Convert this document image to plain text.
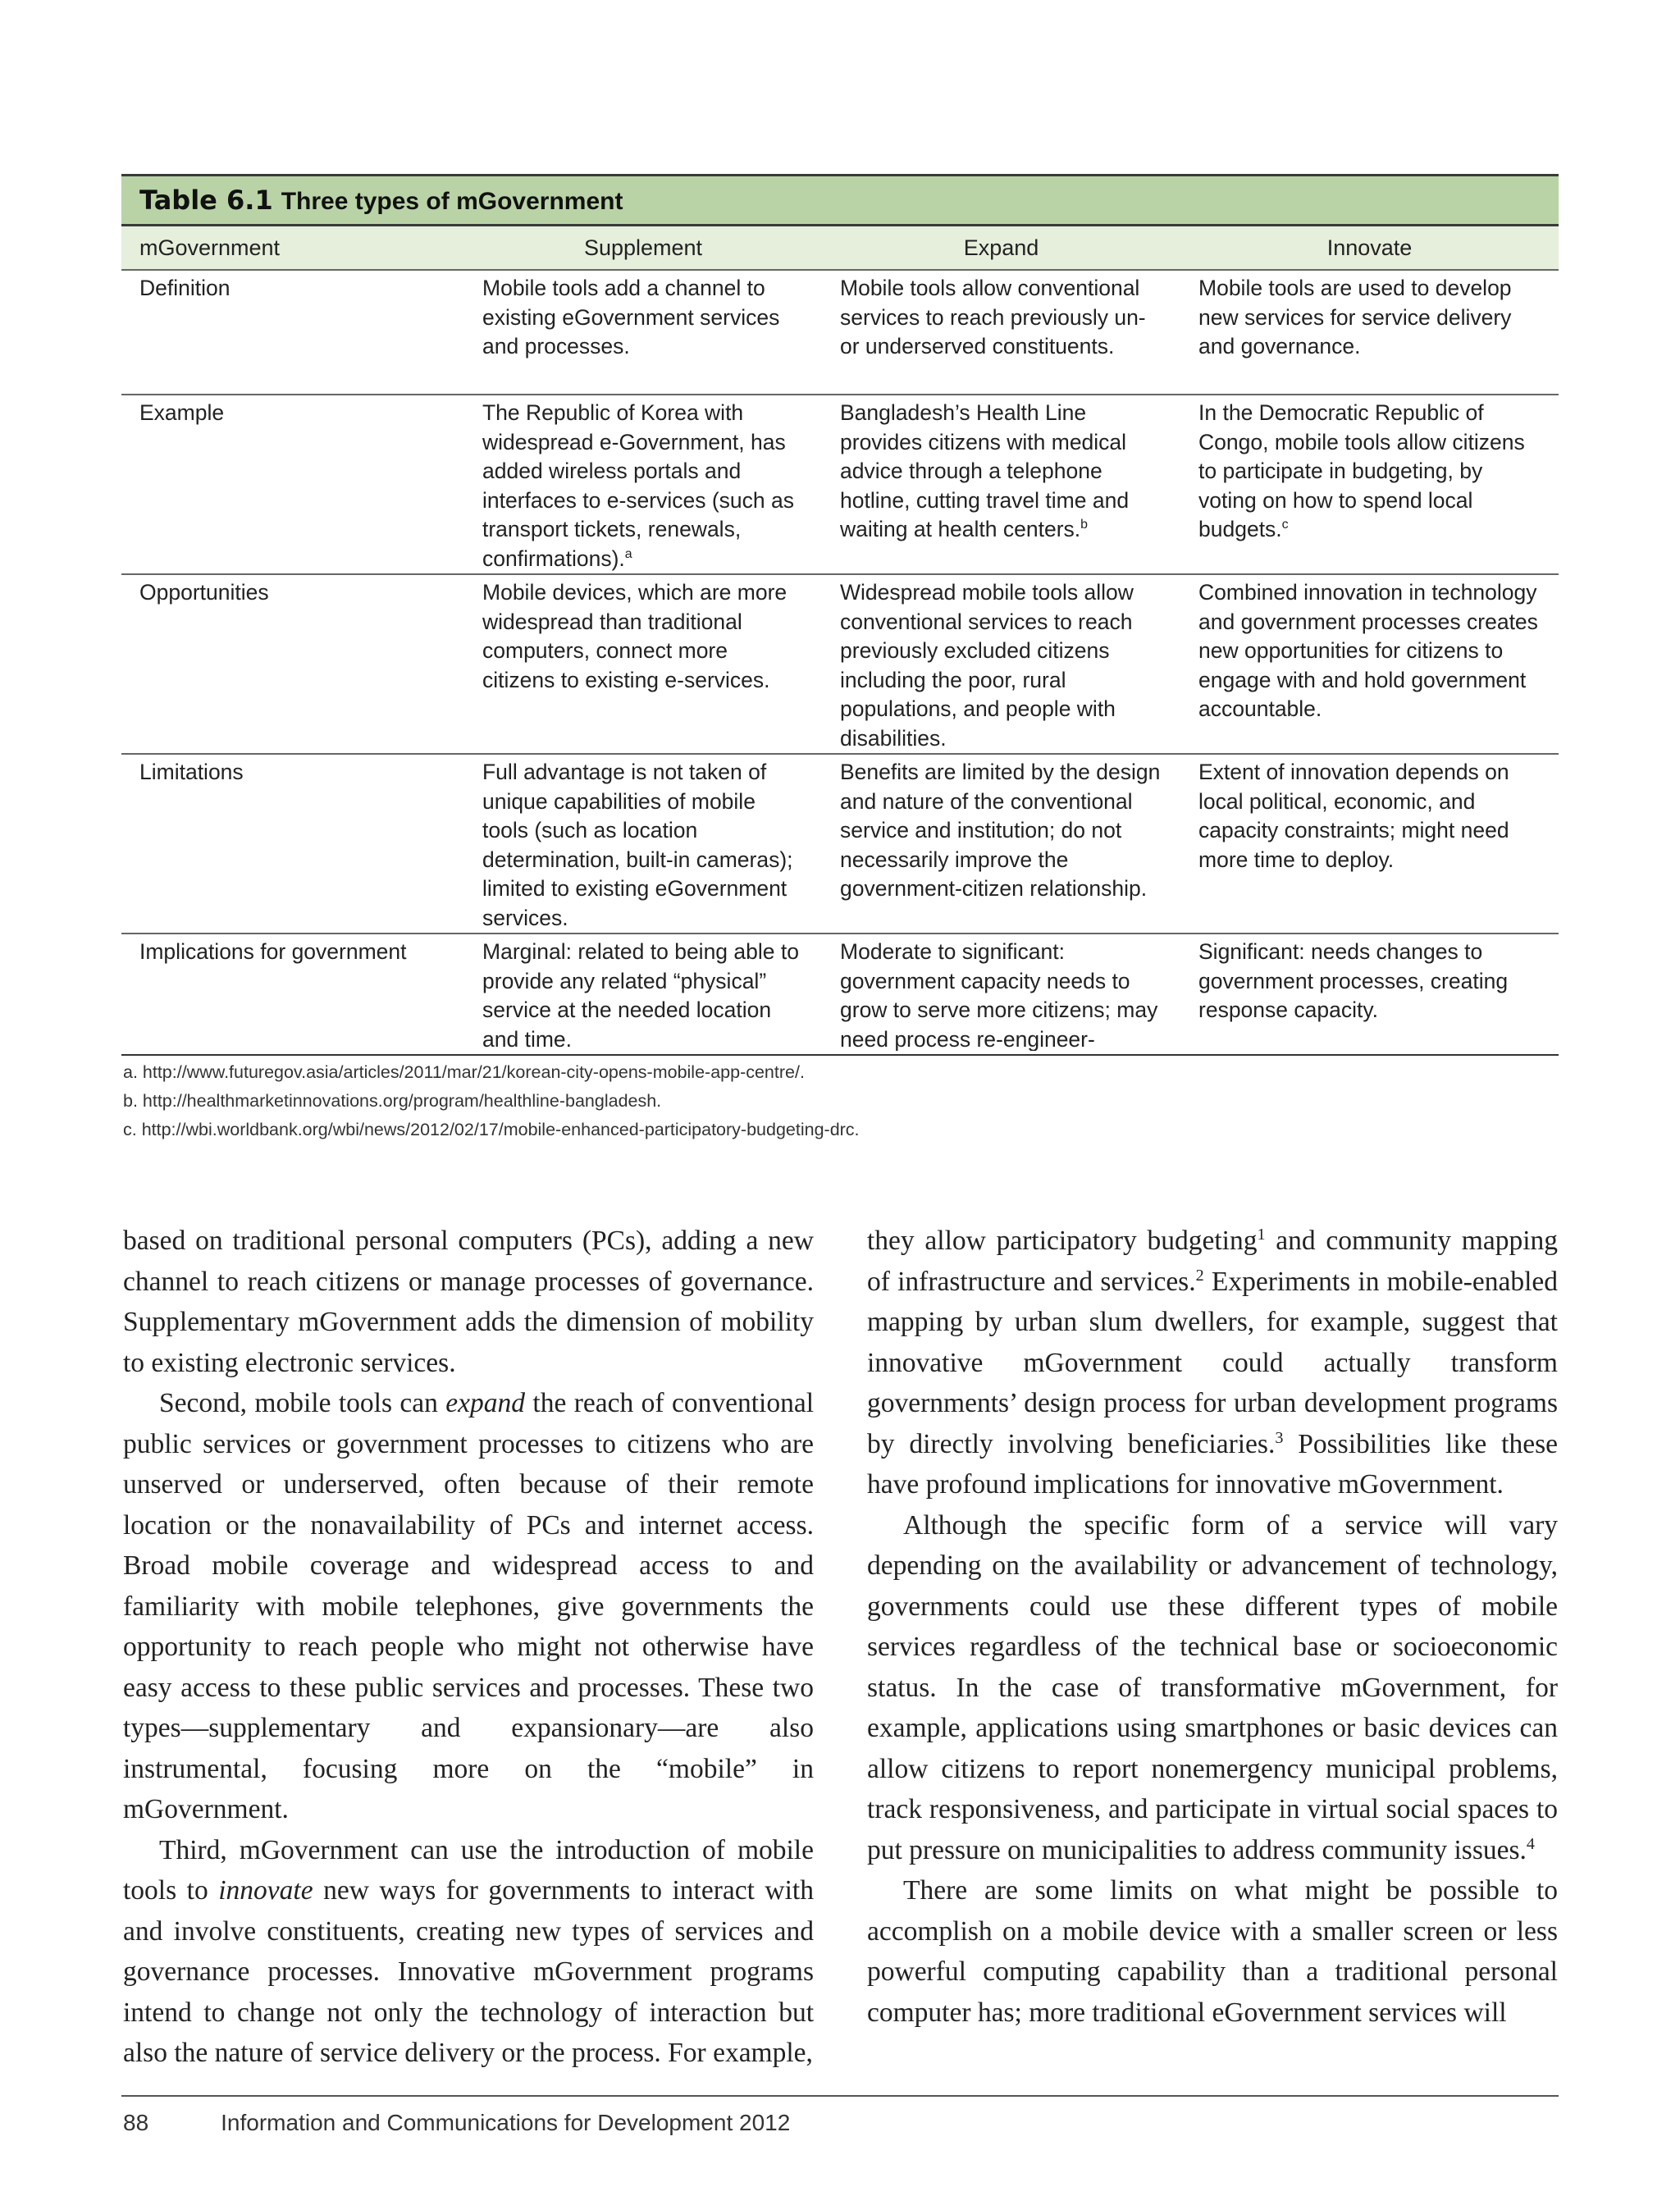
Table 6.1 Three types of mGovernment
mGovernment	Supplement	Expand	Innovate
Definition	Mobile tools add a channel to existing eGovernment services and processes.	Mobile tools allow conventional services to reach previously un- or underserved constituents.	Mobile tools are used to develop new services for service delivery and governance.
Example	The Republic of Korea with widespread e-Government, has added wireless portals and interfaces to e-services (such as transport tickets, renewals, confirmations).$^a$	Bangladesh’s Health Line provides citizens with medical advice through a telephone hotline, cutting travel time and waiting at health centers.$^b$	In the Democratic Republic of Congo, mobile tools allow citizens to participate in budgeting, by voting on how to spend local budgets.$^c$
Opportunities	Mobile devices, which are more widespread than traditional computers, connect more citizens to existing e-services.	Widespread mobile tools allow conventional services to reach previously excluded citizens including the poor, rural populations, and people with disabilities.	Combined innovation in technology and government processes creates new opportunities for citizens to engage with and hold government accountable.
Limitations	Full advantage is not taken of unique capabilities of mobile tools (such as location determination, built-in cameras); limited to existing eGovernment services.	Benefits are limited by the design and nature of the conventional service and institution; do not necessarily improve the government-citizen relationship.	Extent of innovation depends on local political, economic, and capacity constraints; might need more time to deploy.
Implications for government	Marginal: related to being able to provide any related “physical” service at the needed location and time.	Moderate to significant: government capacity needs to grow to serve more citizens; may need process re-engineer-	Significant: needs changes to government processes, creating response capacity.
a. http://www.futuregov.asia/articles/2011/mar/21/korean-city-opens-mobile-app-centre/.
b. http://healthmarketinnovations.org/program/healthline-bangladesh.
c. http://wbi.worldbank.org/wbi/news/2012/02/17/mobile-enhanced-participatory-budgeting-drc.

based on traditional personal computers (PCs), adding a new channel to reach citizens or manage processes of governance. Supplementary mGovernment adds the dimension of mobility to existing electronic services.

Second, mobile tools can expand the reach of conventional public services or government processes to citizens who are unserved or underserved, often because of their remote location or the nonavailability of PCs and internet access. Broad mobile coverage and widespread access to and familiarity with mobile telephones, give governments the opportunity to reach people who might not otherwise have easy access to these public services and processes. These two types—supplementary and expansionary—are also instrumental, focusing more on the “mobile” in mGovernment.

Third, mGovernment can use the introduction of mobile tools to innovate new ways for governments to interact with and involve constituents, creating new types of services and governance processes. Innovative mGovernment programs intend to change not only the technology of interaction but also the nature of service delivery or the process. For example,

they allow participatory budgeting$^1$ and community mapping of infrastructure and services.$^2$ Experiments in mobile-enabled mapping by urban slum dwellers, for example, suggest that innovative mGovernment could actually transform governments’ design process for urban development programs by directly involving beneficiaries.$^3$ Possibilities like these have profound implications for innovative mGovernment.

Although the specific form of a service will vary depending on the availability or advancement of technology, governments could use these different types of mobile services regardless of the technical base or socioeconomic status. In the case of transformative mGovernment, for example, applications using smartphones or basic devices can allow citizens to report nonemergency municipal problems, track responsiveness, and participate in virtual social spaces to put pressure on municipalities to address community issues.$^4$

There are some limits on what might be possible to accomplish on a mobile device with a smaller screen or less powerful computing capability than a traditional personal computer has; more traditional eGovernment services will

88	Information and Communications for Development 2012
